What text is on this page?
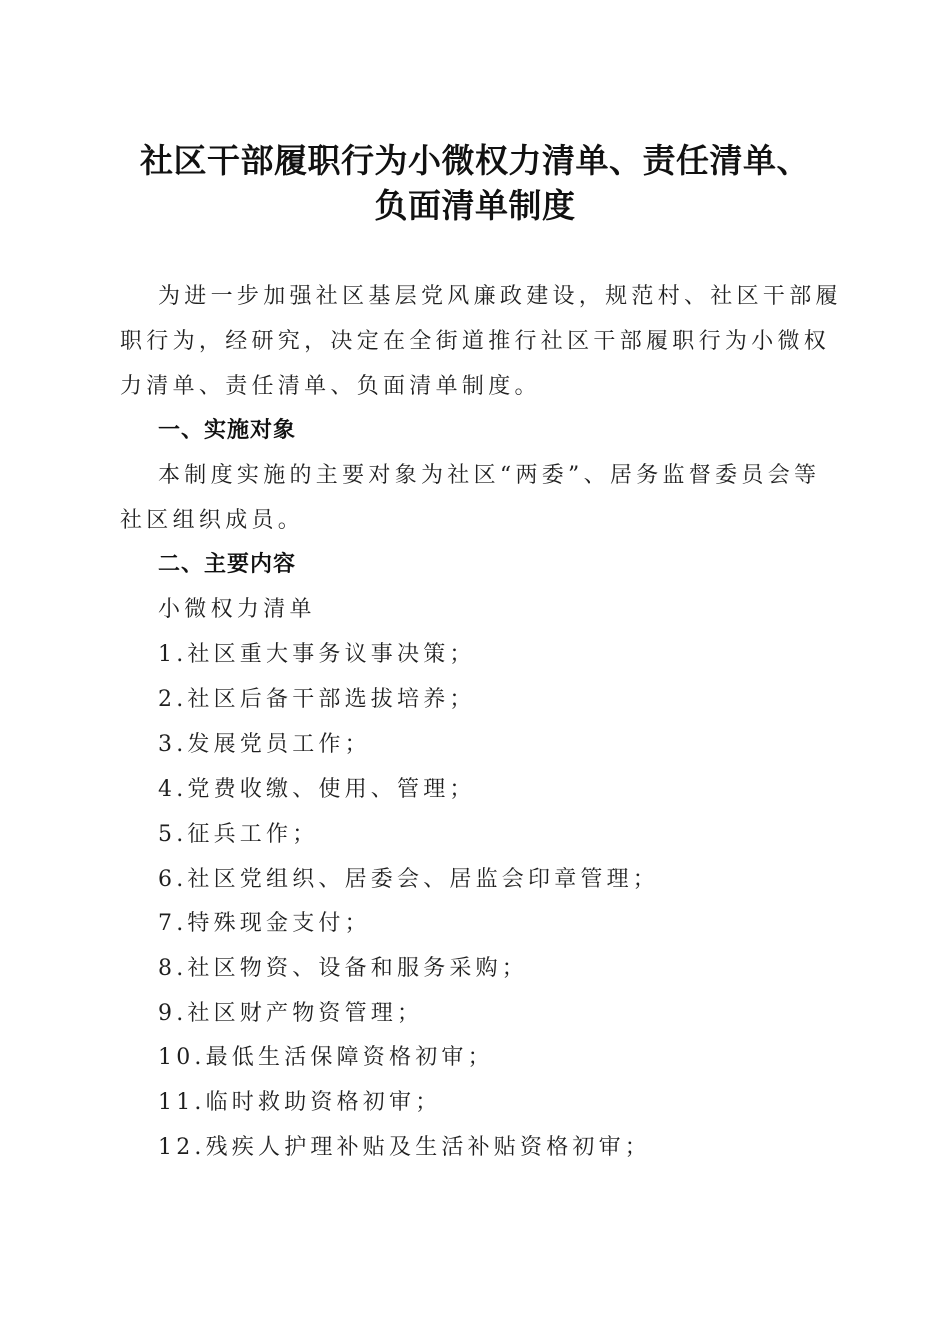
社区干部履职行为小微权力清单、责任清单、
负面清单制度
为进一步加强社区基层党风廉政建设，规范村、社区干部履
职行为，经研究，决定在全街道推行社区干部履职行为小微权
力清单、责任清单、负面清单制度。
一、实施对象
本制度实施的主要对象为社区“两委”、居务监督委员会等
社区组织成员。
二、主要内容
小微权力清单
1.社区重大事务议事决策；
2.社区后备干部选拔培养；
3.发展党员工作；
4.党费收缴、使用、管理；
5.征兵工作；
6.社区党组织、居委会、居监会印章管理；
7.特殊现金支付；
8.社区物资、设备和服务采购；
9.社区财产物资管理；
10.最低生活保障资格初审；
11.临时救助资格初审；
12.残疾人护理补贴及生活补贴资格初审；
